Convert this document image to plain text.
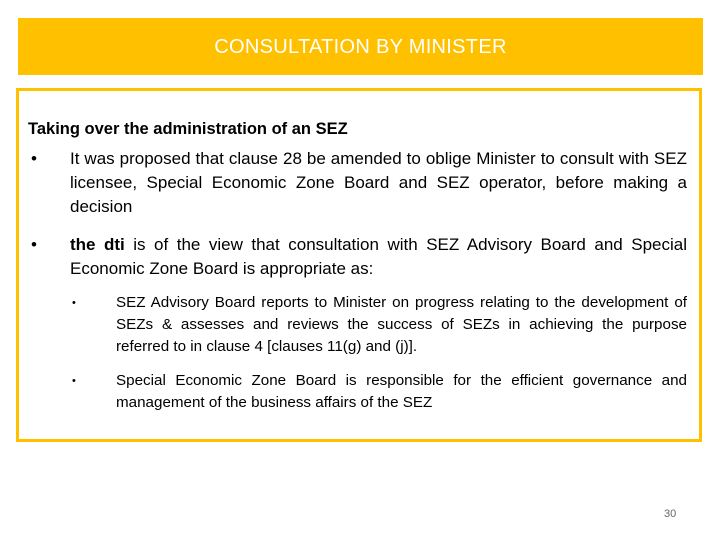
CONSULTATION BY MINISTER
Taking over the administration of an SEZ
•	It was proposed that clause 28 be amended to oblige Minister to consult with SEZ licensee, Special Economic Zone Board and SEZ operator, before making a decision
•	the dti is of the view that consultation with SEZ Advisory Board and Special Economic Zone Board is appropriate as:
•	SEZ Advisory Board reports to Minister on progress relating to the development of SEZs & assesses and reviews the success of SEZs in achieving the purpose referred to in clause 4 [clauses 11(g) and (j)].
•	Special Economic Zone Board is responsible for the efficient governance and management of the business affairs of the SEZ
30
